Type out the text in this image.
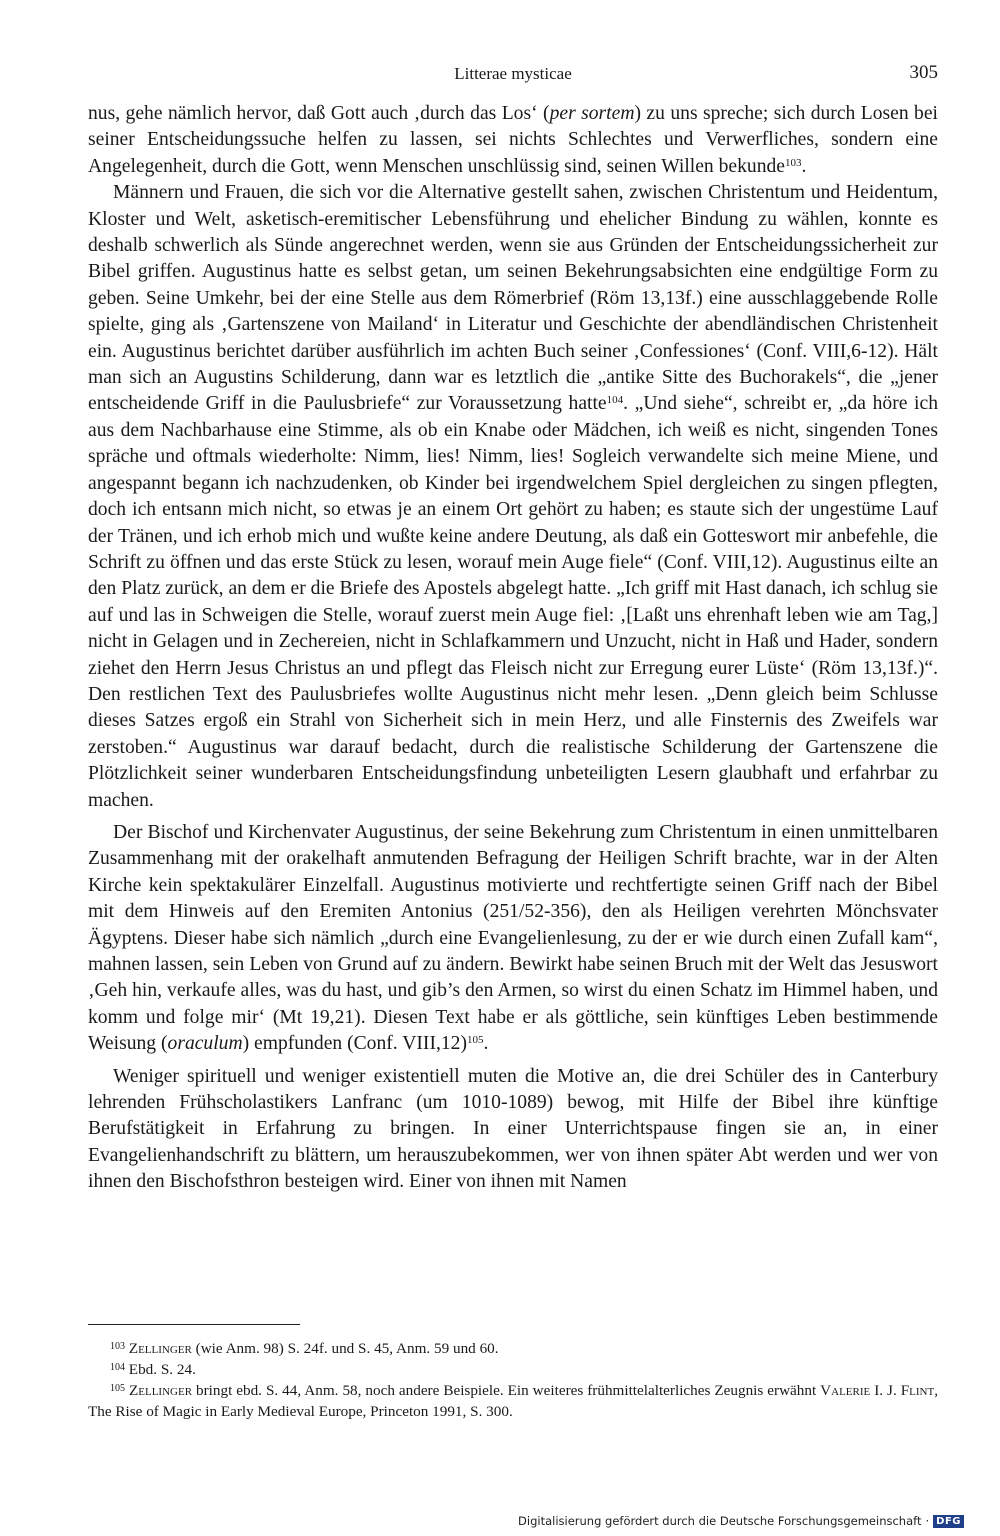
Litterae mysticae	305

nus, gehe nämlich hervor, daß Gott auch ‚durch das Los‘ (per sortem) zu uns spreche; sich durch Losen bei seiner Entscheidungssuche helfen zu lassen, sei nichts Schlechtes und Verwerfliches, sondern eine Angelegenheit, durch die Gott, wenn Menschen unschlüssig sind, seinen Willen bekunde$^{103}$.

Männern und Frauen, die sich vor die Alternative gestellt sahen, zwischen Christentum und Heidentum, Kloster und Welt, asketisch-eremitischer Lebensführung und ehelicher Bindung zu wählen, konnte es deshalb schwerlich als Sünde angerechnet werden, wenn sie aus Gründen der Entscheidungssicherheit zur Bibel griffen. Augustinus hatte es selbst getan, um seinen Bekehrungsabsichten eine endgültige Form zu geben. Seine Umkehr, bei der eine Stelle aus dem Römerbrief (Röm 13,13f.) eine ausschlaggebende Rolle spielte, ging als ‚Gartenszene von Mailand‘ in Literatur und Geschichte der abendländischen Christenheit ein. Augustinus berichtet darüber ausführlich im achten Buch seiner ‚Confessiones‘ (Conf. VIII,6-12). Hält man sich an Augustins Schilderung, dann war es letztlich die „antike Sitte des Buchorakels“, die „jener entscheidende Griff in die Paulusbriefe“ zur Voraussetzung hatte$^{104}$. „Und siehe“, schreibt er, „da höre ich aus dem Nachbarhause eine Stimme, als ob ein Knabe oder Mädchen, ich weiß es nicht, singenden Tones spräche und oftmals wiederholte: Nimm, lies! Nimm, lies! Sogleich verwandelte sich meine Miene, und angespannt begann ich nachzudenken, ob Kinder bei irgendwelchem Spiel dergleichen zu singen pflegten, doch ich entsann mich nicht, so etwas je an einem Ort gehört zu haben; es staute sich der ungestüme Lauf der Tränen, und ich erhob mich und wußte keine andere Deutung, als daß ein Gotteswort mir anbefehle, die Schrift zu öffnen und das erste Stück zu lesen, worauf mein Auge fiele“ (Conf. VIII,12). Augustinus eilte an den Platz zurück, an dem er die Briefe des Apostels abgelegt hatte. „Ich griff mit Hast danach, ich schlug sie auf und las in Schweigen die Stelle, worauf zuerst mein Auge fiel: ‚[Laßt uns ehrenhaft leben wie am Tag,] nicht in Gelagen und in Zechereien, nicht in Schlafkammern und Unzucht, nicht in Haß und Hader, sondern ziehet den Herrn Jesus Christus an und pflegt das Fleisch nicht zur Erregung eurer Lüste‘ (Röm 13,13f.)“. Den restlichen Text des Paulusbriefes wollte Augustinus nicht mehr lesen. „Denn gleich beim Schlusse dieses Satzes ergoß ein Strahl von Sicherheit sich in mein Herz, und alle Finsternis des Zweifels war zerstoben.“ Augustinus war darauf bedacht, durch die realistische Schilderung der Gartenszene die Plötzlichkeit seiner wunderbaren Entscheidungsfindung unbeteiligten Lesern glaubhaft und erfahrbar zu machen.

Der Bischof und Kirchenvater Augustinus, der seine Bekehrung zum Christentum in einen unmittelbaren Zusammenhang mit der orakelhaft anmutenden Befragung der Heiligen Schrift brachte, war in der Alten Kirche kein spektakulärer Einzelfall. Augustinus motivierte und rechtfertigte seinen Griff nach der Bibel mit dem Hinweis auf den Eremiten Antonius (251/52-356), den als Heiligen verehrten Mönchsvater Ägyptens. Dieser habe sich nämlich „durch eine Evangelienlesung, zu der er wie durch einen Zufall kam“, mahnen lassen, sein Leben von Grund auf zu ändern. Bewirkt habe seinen Bruch mit der Welt das Jesuswort ‚Geh hin, verkaufe alles, was du hast, und gib’s den Armen, so wirst du einen Schatz im Himmel haben, und komm und folge mir‘ (Mt 19,21). Diesen Text habe er als göttliche, sein künftiges Leben bestimmende Weisung (oraculum) empfunden (Conf. VIII,12)$^{105}$.

Weniger spirituell und weniger existentiell muten die Motive an, die drei Schüler des in Canterbury lehrenden Frühscholastikers Lanfranc (um 1010-1089) bewog, mit Hilfe der Bibel ihre künftige Berufstätigkeit in Erfahrung zu bringen. In einer Unterrichtspause fingen sie an, in einer Evangelienhandschrift zu blättern, um herauszubekommen, wer von ihnen später Abt werden und wer von ihnen den Bischofsthron besteigen wird. Einer von ihnen mit Namen

$^{103}$ Zellinger (wie Anm. 98) S. 24f. und S. 45, Anm. 59 und 60.

$^{104}$ Ebd. S. 24.

$^{105}$ Zellinger bringt ebd. S. 44, Anm. 58, noch andere Beispiele. Ein weiteres frühmittelalterliches Zeugnis erwähnt Valerie I. J. Flint, The Rise of Magic in Early Medieval Europe, Princeton 1991, S. 300.

Digitalisierung gefördert durch die Deutsche Forschungsgemeinschaft · DFG
